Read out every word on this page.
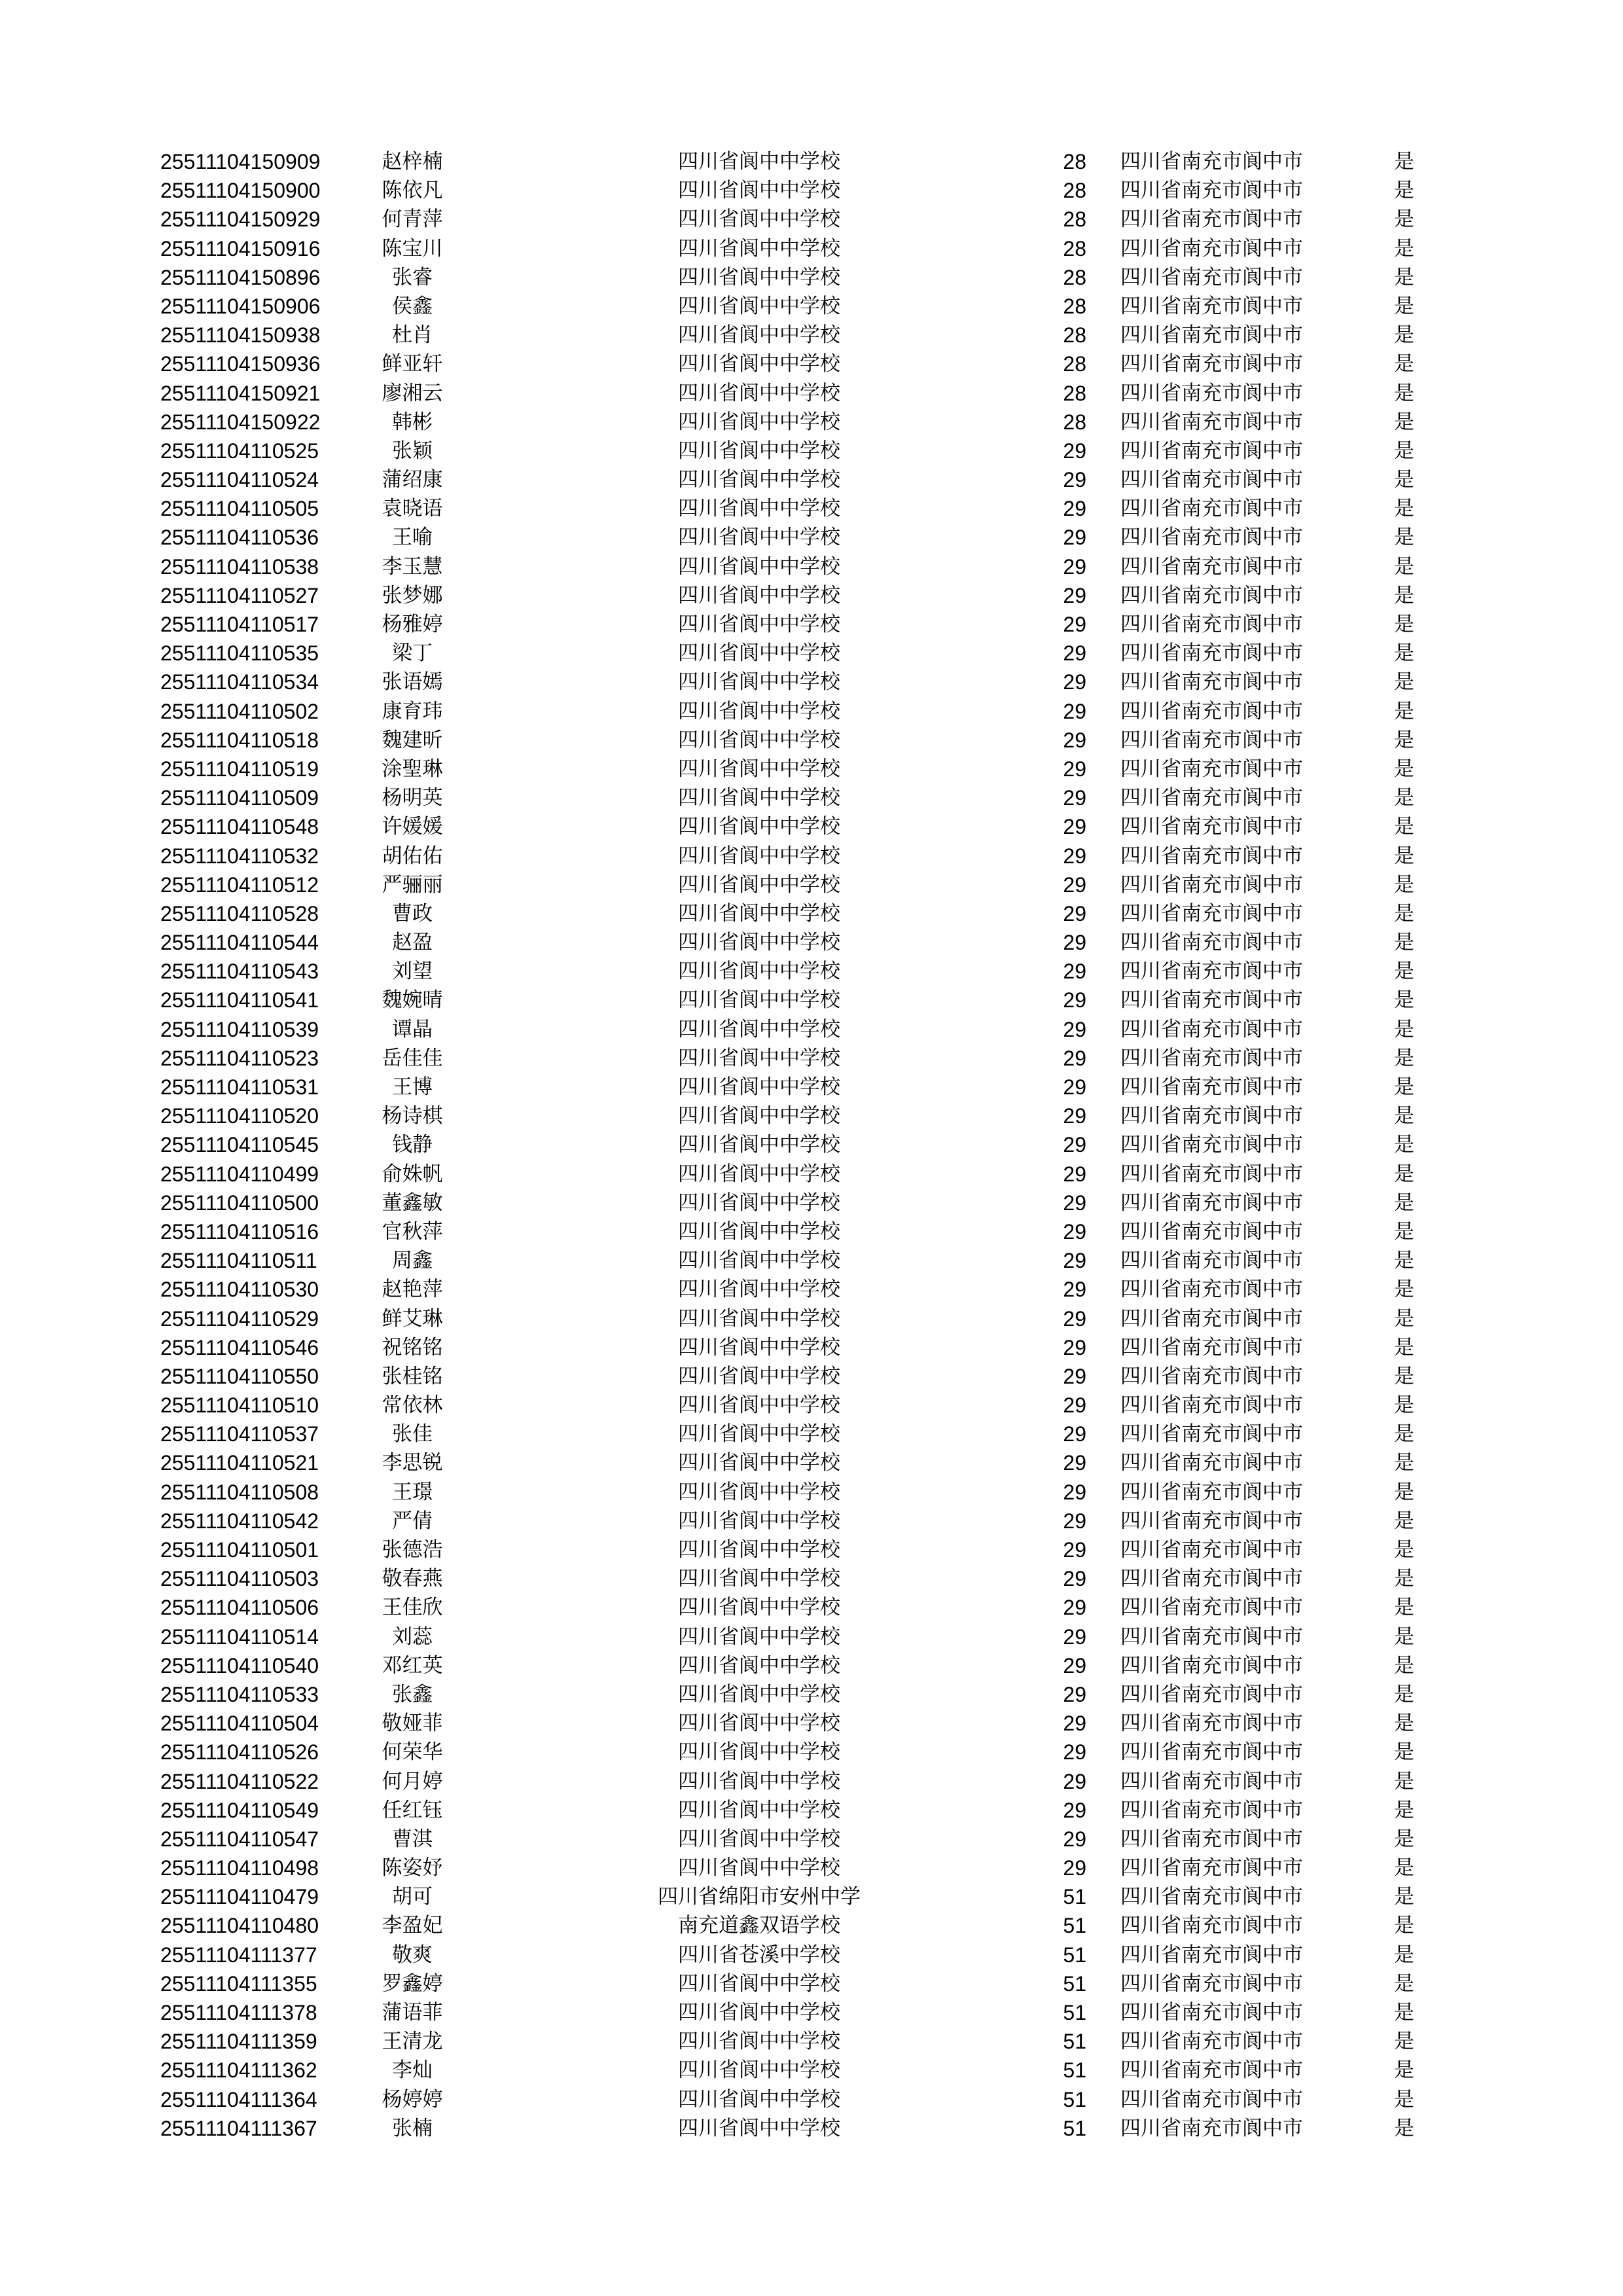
25511104150909	赵梓楠	四川省阆中中学校	28 四川省南充市阆中市	是
25511104150900	陈依凡	四川省阆中中学校	28 四川省南充市阆中市	是
25511104150929	何青萍	四川省阆中中学校	28 四川省南充市阆中市	是
25511104150916	陈宝川	四川省阆中中学校	28 四川省南充市阆中市	是
25511104150896	张睿	四川省阆中中学校	28 四川省南充市阆中市	是
25511104150906	侯鑫	四川省阆中中学校	28 四川省南充市阆中市	是
25511104150938	杜肖	四川省阆中中学校	28 四川省南充市阆中市	是
25511104150936	鲜亚轩	四川省阆中中学校	28 四川省南充市阆中市	是
25511104150921	廖湘云	四川省阆中中学校	28 四川省南充市阆中市	是
25511104150922	韩彬	四川省阆中中学校	28 四川省南充市阆中市	是
25511104110525	张颖	四川省阆中中学校	29 四川省南充市阆中市	是
25511104110524	蒲绍康	四川省阆中中学校	29 四川省南充市阆中市	是
25511104110505	袁晓语	四川省阆中中学校	29 四川省南充市阆中市	是
25511104110536	王喻	四川省阆中中学校	29 四川省南充市阆中市	是
25511104110538	李玉慧	四川省阆中中学校	29 四川省南充市阆中市	是
25511104110527	张梦娜	四川省阆中中学校	29 四川省南充市阆中市	是
25511104110517	杨雅婷	四川省阆中中学校	29 四川省南充市阆中市	是
25511104110535	梁丁	四川省阆中中学校	29 四川省南充市阆中市	是
25511104110534	张语嫣	四川省阆中中学校	29 四川省南充市阆中市	是
25511104110502	康育玮	四川省阆中中学校	29 四川省南充市阆中市	是
25511104110518	魏建昕	四川省阆中中学校	29 四川省南充市阆中市	是
25511104110519	涂聖琳	四川省阆中中学校	29 四川省南充市阆中市	是
25511104110509	杨明英	四川省阆中中学校	29 四川省南充市阆中市	是
25511104110548	许媛媛	四川省阆中中学校	29 四川省南充市阆中市	是
25511104110532	胡佑佑	四川省阆中中学校	29 四川省南充市阆中市	是
25511104110512	严骊丽	四川省阆中中学校	29 四川省南充市阆中市	是
25511104110528	曹政	四川省阆中中学校	29 四川省南充市阆中市	是
25511104110544	赵盈	四川省阆中中学校	29 四川省南充市阆中市	是
25511104110543	刘望	四川省阆中中学校	29 四川省南充市阆中市	是
25511104110541	魏婉晴	四川省阆中中学校	29 四川省南充市阆中市	是
25511104110539	谭晶	四川省阆中中学校	29 四川省南充市阆中市	是
25511104110523	岳佳佳	四川省阆中中学校	29 四川省南充市阆中市	是
25511104110531	王博	四川省阆中中学校	29 四川省南充市阆中市	是
25511104110520	杨诗棋	四川省阆中中学校	29 四川省南充市阆中市	是
25511104110545	钱静	四川省阆中中学校	29 四川省南充市阆中市	是
25511104110499	俞姝帆	四川省阆中中学校	29 四川省南充市阆中市	是
25511104110500	董鑫敏	四川省阆中中学校	29 四川省南充市阆中市	是
25511104110516	官秋萍	四川省阆中中学校	29 四川省南充市阆中市	是
25511104110511	周鑫	四川省阆中中学校	29 四川省南充市阆中市	是
25511104110530	赵艳萍	四川省阆中中学校	29 四川省南充市阆中市	是
25511104110529	鲜艾琳	四川省阆中中学校	29 四川省南充市阆中市	是
25511104110546	祝铭铭	四川省阆中中学校	29 四川省南充市阆中市	是
25511104110550	张桂铭	四川省阆中中学校	29 四川省南充市阆中市	是
25511104110510	常依林	四川省阆中中学校	29 四川省南充市阆中市	是
25511104110537	张佳	四川省阆中中学校	29 四川省南充市阆中市	是
25511104110521	李思锐	四川省阆中中学校	29 四川省南充市阆中市	是
25511104110508	王璟	四川省阆中中学校	29 四川省南充市阆中市	是
25511104110542	严倩	四川省阆中中学校	29 四川省南充市阆中市	是
25511104110501	张德浩	四川省阆中中学校	29 四川省南充市阆中市	是
25511104110503	敬春燕	四川省阆中中学校	29 四川省南充市阆中市	是
25511104110506	王佳欣	四川省阆中中学校	29 四川省南充市阆中市	是
25511104110514	刘蕊	四川省阆中中学校	29 四川省南充市阆中市	是
25511104110540	邓红英	四川省阆中中学校	29 四川省南充市阆中市	是
25511104110533	张鑫	四川省阆中中学校	29 四川省南充市阆中市	是
25511104110504	敬娅菲	四川省阆中中学校	29 四川省南充市阆中市	是
25511104110526	何荣华	四川省阆中中学校	29 四川省南充市阆中市	是
25511104110522	何月婷	四川省阆中中学校	29 四川省南充市阆中市	是
25511104110549	任红钰	四川省阆中中学校	29 四川省南充市阆中市	是
25511104110547	曹淇	四川省阆中中学校	29 四川省南充市阆中市	是
25511104110498	陈姿妤	四川省阆中中学校	29 四川省南充市阆中市	是
25511104110479	胡可	四川省绵阳市安州中学	51 四川省南充市阆中市	是
25511104110480	李盈妃	南充道鑫双语学校	51 四川省南充市阆中市	是
25511104111377	敬爽	四川省苍溪中学校	51 四川省南充市阆中市	是
25511104111355	罗鑫婷	四川省阆中中学校	51 四川省南充市阆中市	是
25511104111378	蒲语菲	四川省阆中中学校	51 四川省南充市阆中市	是
25511104111359	王清龙	四川省阆中中学校	51 四川省南充市阆中市	是
25511104111362	李灿	四川省阆中中学校	51 四川省南充市阆中市	是
25511104111364	杨婷婷	四川省阆中中学校	51 四川省南充市阆中市	是
25511104111367	张楠	四川省阆中中学校	51 四川省南充市阆中市	是
